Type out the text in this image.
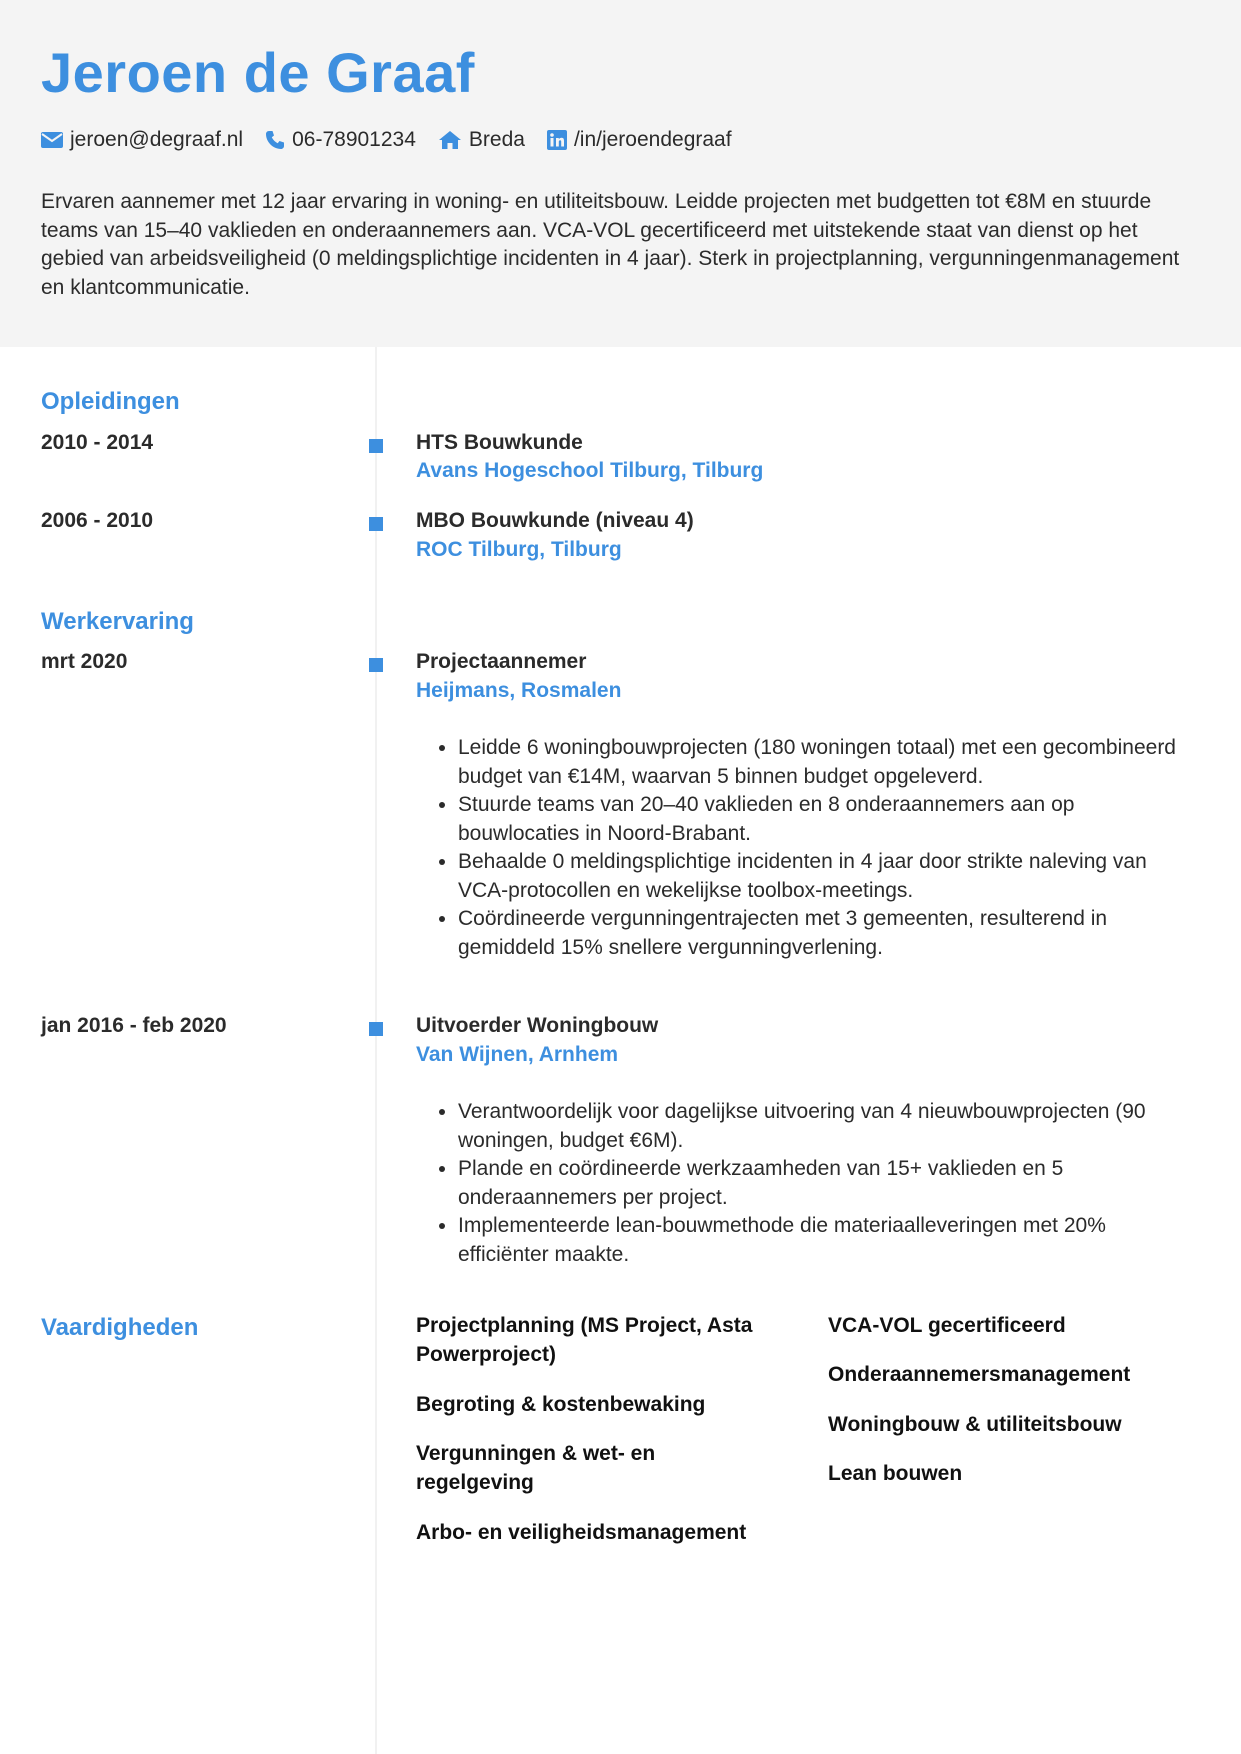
Jeroen de Graaf
jeroen@degraaf.nl 06-78901234	Breda /in/jeroendegraaf

Ervaren aannemer met 12 jaar ervaring in woning- en utiliteitsbouw. Leidde projecten met budgetten tot €8M en stuurde teams van 15–40 vaklieden en onderaannemers aan. VCA-VOL gecertificeerd met uitstekende staat van dienst op het gebied van arbeidsveiligheid (0 meldingsplichtige incidenten in 4 jaar). Sterk in projectplanning, vergunningenmanagement en klantcommunicatie.

Opleidingen
2010 - 2014	HTS Bouwkunde
Avans Hogeschool Tilburg, Tilburg
2006 - 2010	MBO Bouwkunde (niveau 4)
ROC Tilburg, Tilburg
Werkervaring
mrt 2020	Projectaannemer
Heijmans, Rosmalen
• Leidde 6 woningbouwprojecten (180 woningen totaal) met een gecombineerd budget van €14M, waarvan 5 binnen budget opgeleverd.
• Stuurde teams van 20–40 vaklieden en 8 onderaannemers aan op bouwlocaties in Noord-Brabant.
• Behaalde 0 meldingsplichtige incidenten in 4 jaar door strikte naleving van VCA-protocollen en wekelijkse toolbox-meetings.
• Coördineerde vergunningentrajecten met 3 gemeenten, resulterend in gemiddeld 15% snellere vergunningverlening.
jan 2016 - feb 2020	Uitvoerder Woningbouw
Van Wijnen, Arnhem
• Verantwoordelijk voor dagelijkse uitvoering van 4 nieuwbouwprojecten (90 woningen, budget €6M).
• Plande en coördineerde werkzaamheden van 15+ vaklieden en 5 onderaannemers per project.
• Implementeerde lean-bouwmethode die materiaalleveringen met 20% efficiënter maakte.
Vaardigheden	Projectplanning (MS Project, Asta Powerproject)
Begroting & kostenbewaking
Vergunningen & wet- en regelgeving
Arbo- en veiligheidsmanagement
VCA-VOL gecertificeerd
Onderaannemersmanagement
Woningbouw & utiliteitsbouw
Lean bouwen
